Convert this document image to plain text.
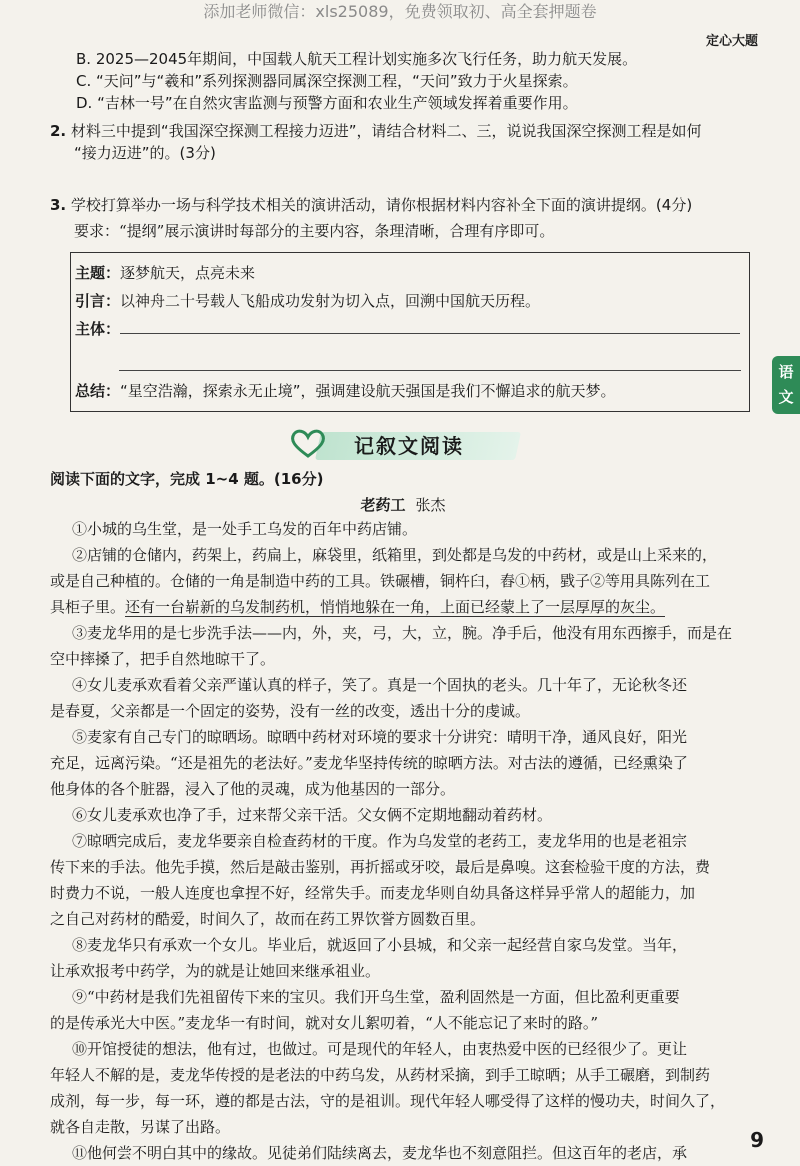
添加老师微信：xls25089，免费领取初、高全套押题卷
定心大题

B. 2025—2045年期间，中国载人航天工程计划实施多次飞行任务，助力航天发展。

C. “天问”与“羲和”系列探测器同属深空探测工程，“天问”致力于火星探索。

D. “吉林一号”在自然灾害监测与预警方面和农业生产领域发挥着重要作用。

2. 材料三中提到“我国深空探测工程接力迈进”，请结合材料二、三，说说我国深空探测工程是如何

“接力迈进”的。(3分)

3. 学校打算举办一场与科学技术相关的演讲活动，请你根据材料内容补全下面的演讲提纲。(4分)

要求：“提纲”展示演讲时每部分的主要内容，条理清晰，合理有序即可。

主题：逐梦航天，点亮未来

引言：以神舟二十号载人飞船成功发射为切入点，回溯中国航天历程。

主体：

总结：“星空浩瀚，探索永无止境”，强调建设航天强国是我们不懈追求的航天梦。

记叙文阅读

阅读下面的文字，完成 1~4 题。(16分)

老药工 张杰

①小城的乌生堂，是一处手工乌发的百年中药店铺。

②店铺的仓储内，药架上，药扁上，麻袋里，纸箱里，到处都是乌发的中药材，或是山上采来的，

或是自己种植的。仓储的一角是制造中药的工具。铁碾槽，铜杵臼，舂①柄，戥子②等用具陈列在工

具柜子里。还有一台崭新的乌发制药机，悄悄地躲在一角，上面已经蒙上了一层厚厚的灰尘。

③麦龙华用的是七步洗手法——内，外，夹，弓，大，立，腕。净手后，他没有用东西擦手，而是在

空中摔搡了，把手自然地晾干了。

④女儿麦承欢看着父亲严谨认真的样子，笑了。真是一个固执的老头。几十年了，无论秋冬还

是春夏，父亲都是一个固定的姿势，没有一丝的改变，透出十分的虔诚。

⑤麦家有自己专门的晾晒场。晾晒中药材对环境的要求十分讲究：晴明干净，通风良好，阳光

充足，远离污染。“还是祖先的老法好。”麦龙华坚持传统的晾晒方法。对古法的遵循，已经熏染了

他身体的各个脏器，浸入了他的灵魂，成为他基因的一部分。

⑥女儿麦承欢也净了手，过来帮父亲干活。父女俩不定期地翻动着药材。

⑦晾晒完成后，麦龙华要亲自检查药材的干度。作为乌发堂的老药工，麦龙华用的也是老祖宗

传下来的手法。他先手摸，然后是敲击鉴别，再折摇或牙咬，最后是鼻嗅。这套检验干度的方法，费

时费力不说，一般人连度也拿捏不好，经常失手。而麦龙华则自幼具备这样异乎常人的超能力，加

之自己对药材的酷爱，时间久了，故而在药工界饮誉方圆数百里。

⑧麦龙华只有承欢一个女儿。毕业后，就返回了小县城，和父亲一起经营自家乌发堂。当年，

让承欢报考中药学，为的就是让她回来继承祖业。

⑨“中药材是我们先祖留传下来的宝贝。我们开乌生堂，盈利固然是一方面，但比盈利更重要

的是传承光大中医。”麦龙华一有时间，就对女儿絮叨着，“人不能忘记了来时的路。”

⑩开馆授徒的想法，他有过，也做过。可是现代的年轻人，由衷热爱中医的已经很少了。更让

年轻人不解的是，麦龙华传授的是老法的中药乌发，从药材采摘，到手工晾晒；从手工碾磨，到制药

成剂，每一步，每一环，遵的都是古法，守的是祖训。现代年轻人哪受得了这样的慢功夫，时间久了，

就各自走散，另谋了出路。

⑪他何尝不明白其中的缘故。见徒弟们陆续离去，麦龙华也不刻意阻拦。但这百年的老店，承

语文
9
